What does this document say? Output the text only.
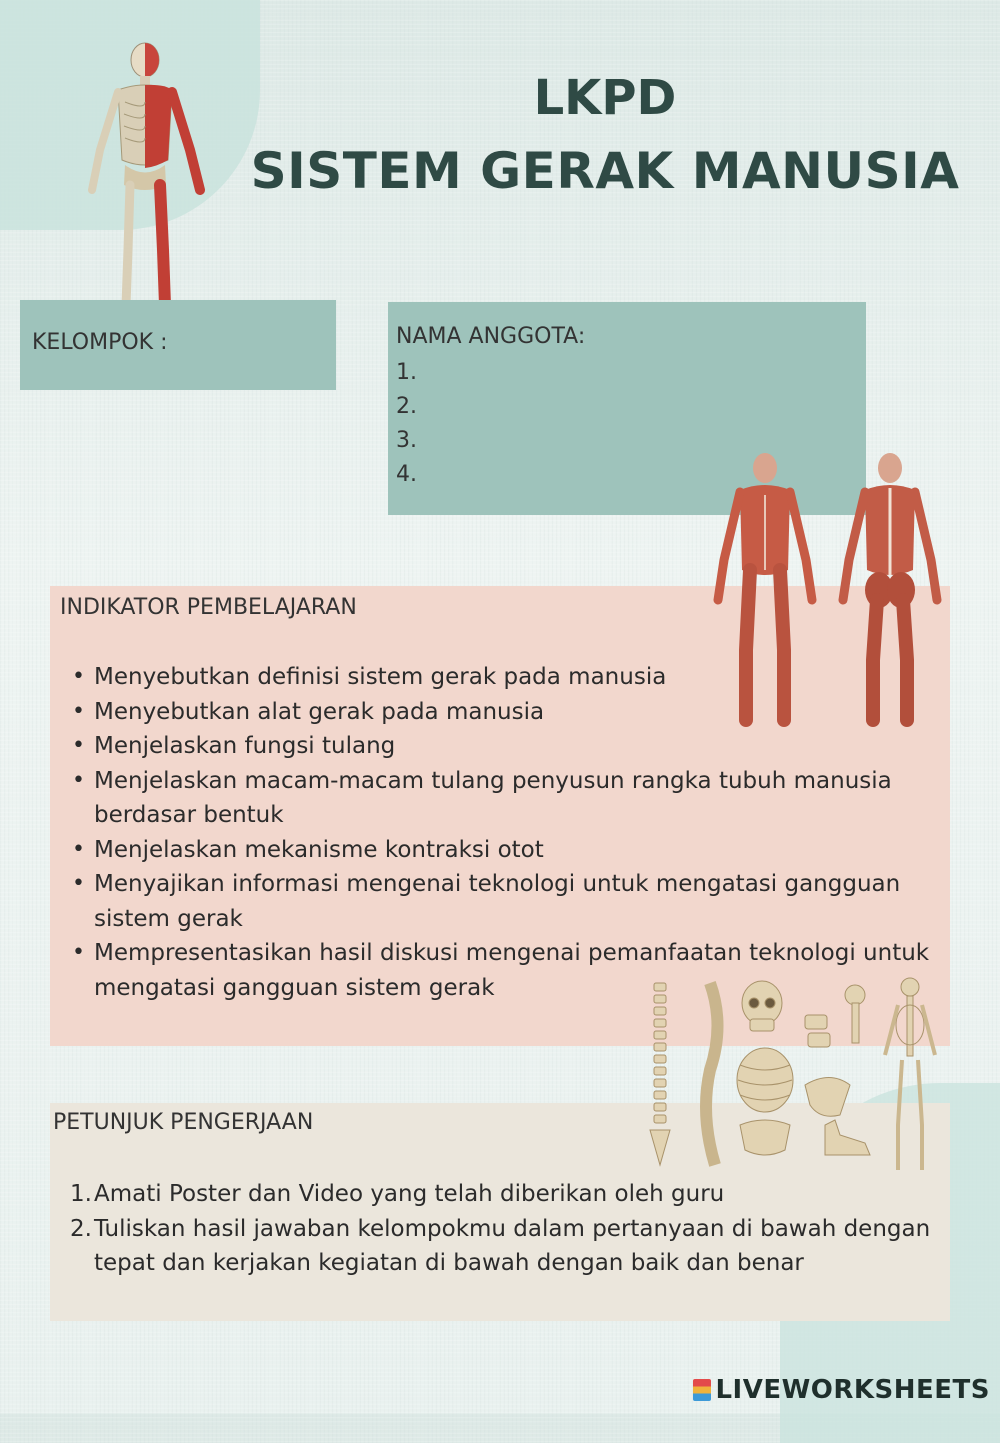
LKPD
SISTEM GERAK MANUSIA
KELOMPOK :	NAMA ANGGOTA:
1.
2.
3.
4.
INDIKATOR PEMBELAJARAN
• Menyebutkan definisi sistem gerak pada manusia
• Menyebutkan alat gerak pada manusia
• Menjelaskan fungsi tulang
• Menjelaskan macam-macam tulang penyusun rangka tubuh manusia berdasar bentuk
• Menjelaskan mekanisme kontraksi otot
• Menyajikan informasi mengenai teknologi untuk mengatasi gangguan sistem gerak
• Mempresentasikan hasil diskusi mengenai pemanfaatan teknologi untuk mengatasi gangguan sistem gerak
PETUNJUK PENGERJAAN
1. Amati Poster dan Video yang telah diberikan oleh guru
2. Tuliskan hasil jawaban kelompokmu dalam pertanyaan di bawah dengan tepat dan kerjakan kegiatan di bawah dengan baik dan benar
LIVEWORKSHEETS
